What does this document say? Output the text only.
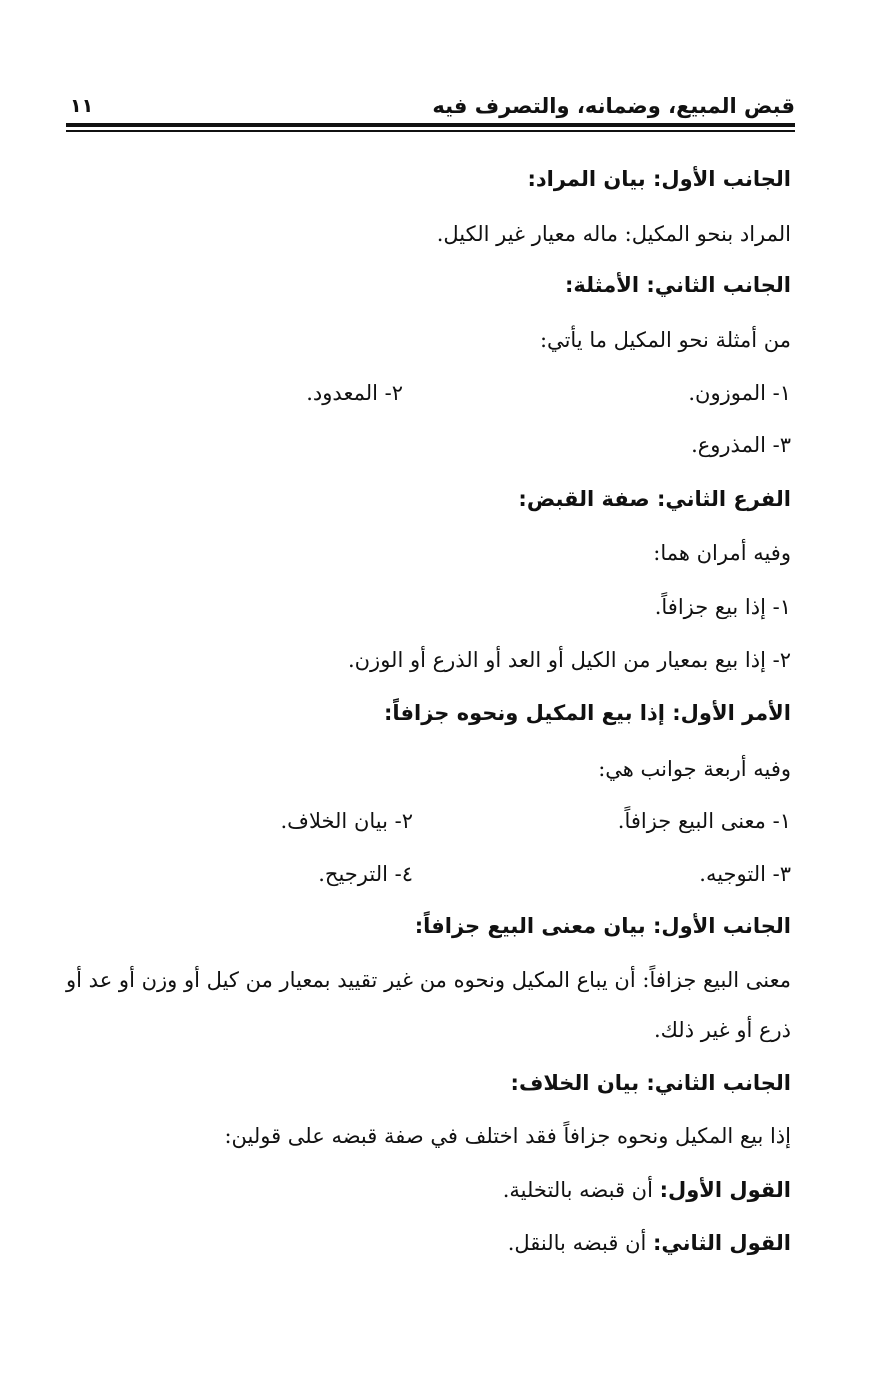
قبض المبيع، وضمانه، والتصرف فيه
١١
الجانب الأول: بيان المراد:
المراد بنحو المكيل: ماله معيار غير الكيل.
الجانب الثاني: الأمثلة:
من أمثلة نحو المكيل ما يأتي:
١- الموزون.
٢- المعدود.
٣- المذروع.
الفرع الثاني: صفة القبض:
وفيه أمران هما:
١- إذا بيع جزافاً.
٢- إذا بيع بمعيار من الكيل أو العد أو الذرع أو الوزن.
الأمر الأول: إذا بيع المكيل ونحوه جزافاً:
وفيه أربعة جوانب هي:
١- معنى البيع جزافاً.
٢- بيان الخلاف.
٣- التوجيه.
٤- الترجيح.
الجانب الأول: بيان معنى البيع جزافاً:
معنى البيع جزافاً: أن يباع المكيل ونحوه من غير تقييد بمعيار من كيل أو وزن أو عد أو ذرع أو غير ذلك.
الجانب الثاني: بيان الخلاف:
إذا بيع المكيل ونحوه جزافاً فقد اختلف في صفة قبضه على قولين:
القول الأول: أن قبضه بالتخلية.
القول الثاني: أن قبضه بالنقل.
